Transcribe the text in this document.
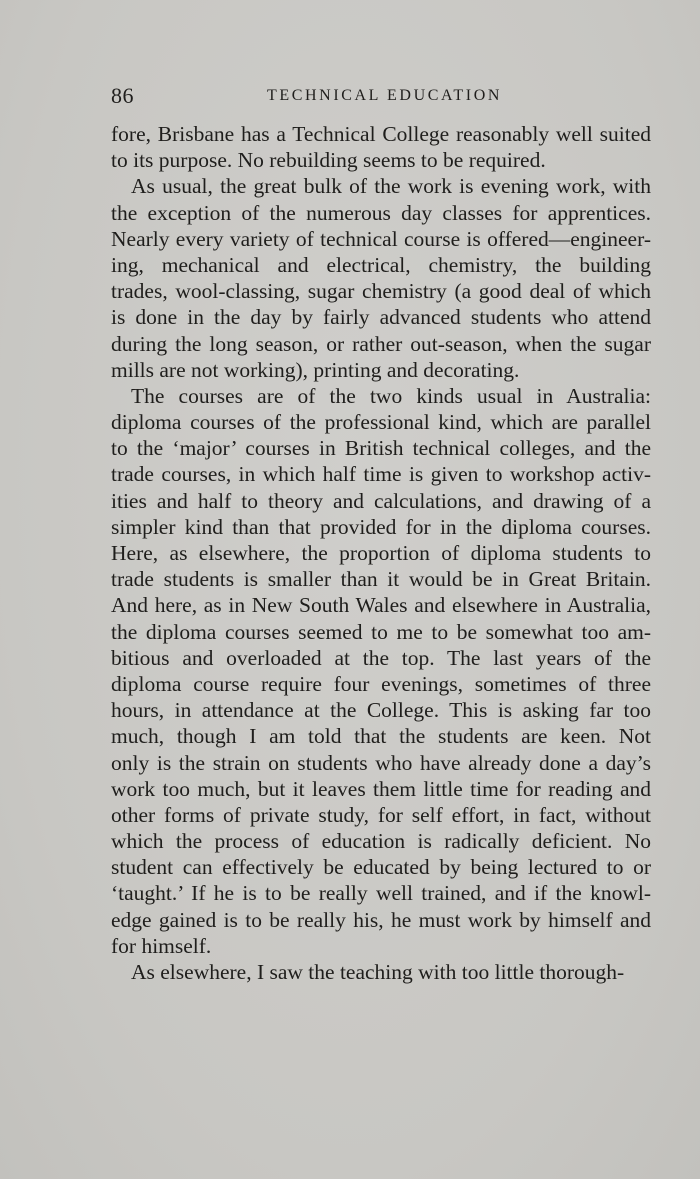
86	TECHNICAL EDUCATION

fore, Brisbane has a Technical College reasonably well suited
to its purpose. No rebuilding seems to be required.

As usual, the great bulk of the work is evening work, with
the exception of the numerous day classes for apprentices.
Nearly every variety of technical course is offered—engineer-
ing, mechanical and electrical, chemistry, the building
trades, wool-classing, sugar chemistry (a good deal of which
is done in the day by fairly advanced students who attend
during the long season, or rather out-season, when the sugar
mills are not working), printing and decorating.

The courses are of the two kinds usual in Australia:
diploma courses of the professional kind, which are parallel
to the ‘major’ courses in British technical colleges, and the
trade courses, in which half time is given to workshop activ-
ities and half to theory and calculations, and drawing of a
simpler kind than that provided for in the diploma courses.
Here, as elsewhere, the proportion of diploma students to
trade students is smaller than it would be in Great Britain.
And here, as in New South Wales and elsewhere in Australia,
the diploma courses seemed to me to be somewhat too am-
bitious and overloaded at the top. The last years of the
diploma course require four evenings, sometimes of three
hours, in attendance at the College. This is asking far too
much, though I am told that the students are keen. Not
only is the strain on students who have already done a day’s
work too much, but it leaves them little time for reading and
other forms of private study, for self effort, in fact, without
which the process of education is radically deficient. No
student can effectively be educated by being lectured to or
‘taught.’ If he is to be really well trained, and if the knowl-
edge gained is to be really his, he must work by himself and
for himself.

As elsewhere, I saw the teaching with too little thorough-
